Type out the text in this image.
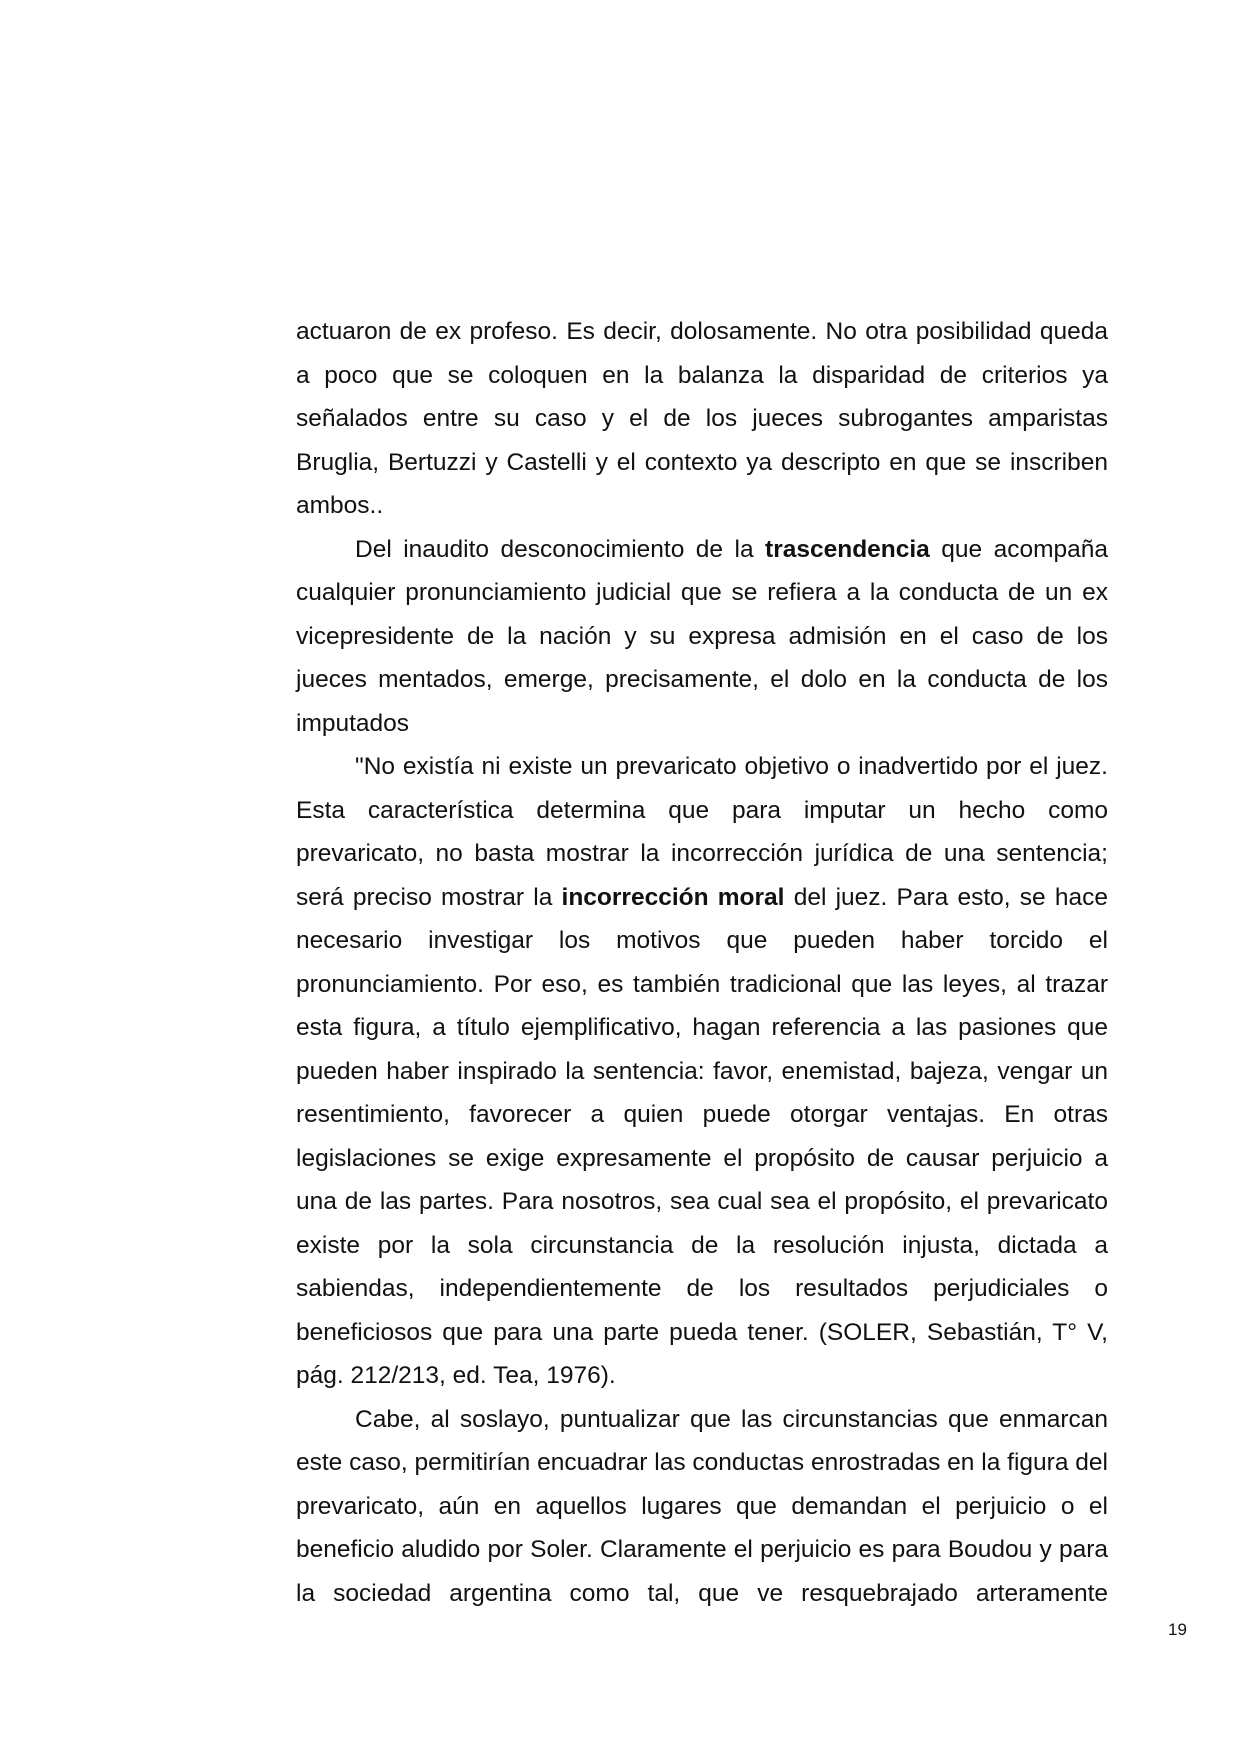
actuaron de ex profeso. Es decir, dolosamente. No otra posibilidad queda a poco que se coloquen en la balanza la disparidad de criterios ya señalados entre su caso y el de los jueces subrogantes amparistas Bruglia, Bertuzzi y Castelli y el contexto ya descripto en que se inscriben ambos..

Del inaudito desconocimiento de la trascendencia que acompaña cualquier pronunciamiento judicial que se refiera a la conducta de un ex vicepresidente de la nación y su expresa admisión en el caso de los jueces mentados, emerge, precisamente, el dolo en la conducta de los imputados

"No existía ni existe un prevaricato objetivo o inadvertido por el juez. Esta característica determina que para imputar un hecho como prevaricato, no basta mostrar la incorrección jurídica de una sentencia; será preciso mostrar la incorrección moral del juez. Para esto, se hace necesario investigar los motivos que pueden haber torcido el pronunciamiento. Por eso, es también tradicional que las leyes, al trazar esta figura, a título ejemplificativo, hagan referencia a las pasiones que pueden haber inspirado la sentencia: favor, enemistad, bajeza, vengar un resentimiento, favorecer a quien puede otorgar ventajas. En otras legislaciones se exige expresamente el propósito de causar perjuicio a una de las partes. Para nosotros, sea cual sea el propósito, el prevaricato existe por la sola circunstancia de la resolución injusta, dictada a sabiendas, independientemente de los resultados perjudiciales o beneficiosos que para una parte pueda tener. (SOLER, Sebastián, T° V, pág. 212/213, ed. Tea, 1976).

Cabe, al soslayo, puntualizar que las circunstancias que enmarcan este caso, permitirían encuadrar las conductas enrostradas en la figura del prevaricato, aún en aquellos lugares que demandan el perjuicio o el beneficio aludido por Soler. Claramente el perjuicio es para Boudou y para la sociedad argentina como tal, que ve resquebrajado arteramente

19
